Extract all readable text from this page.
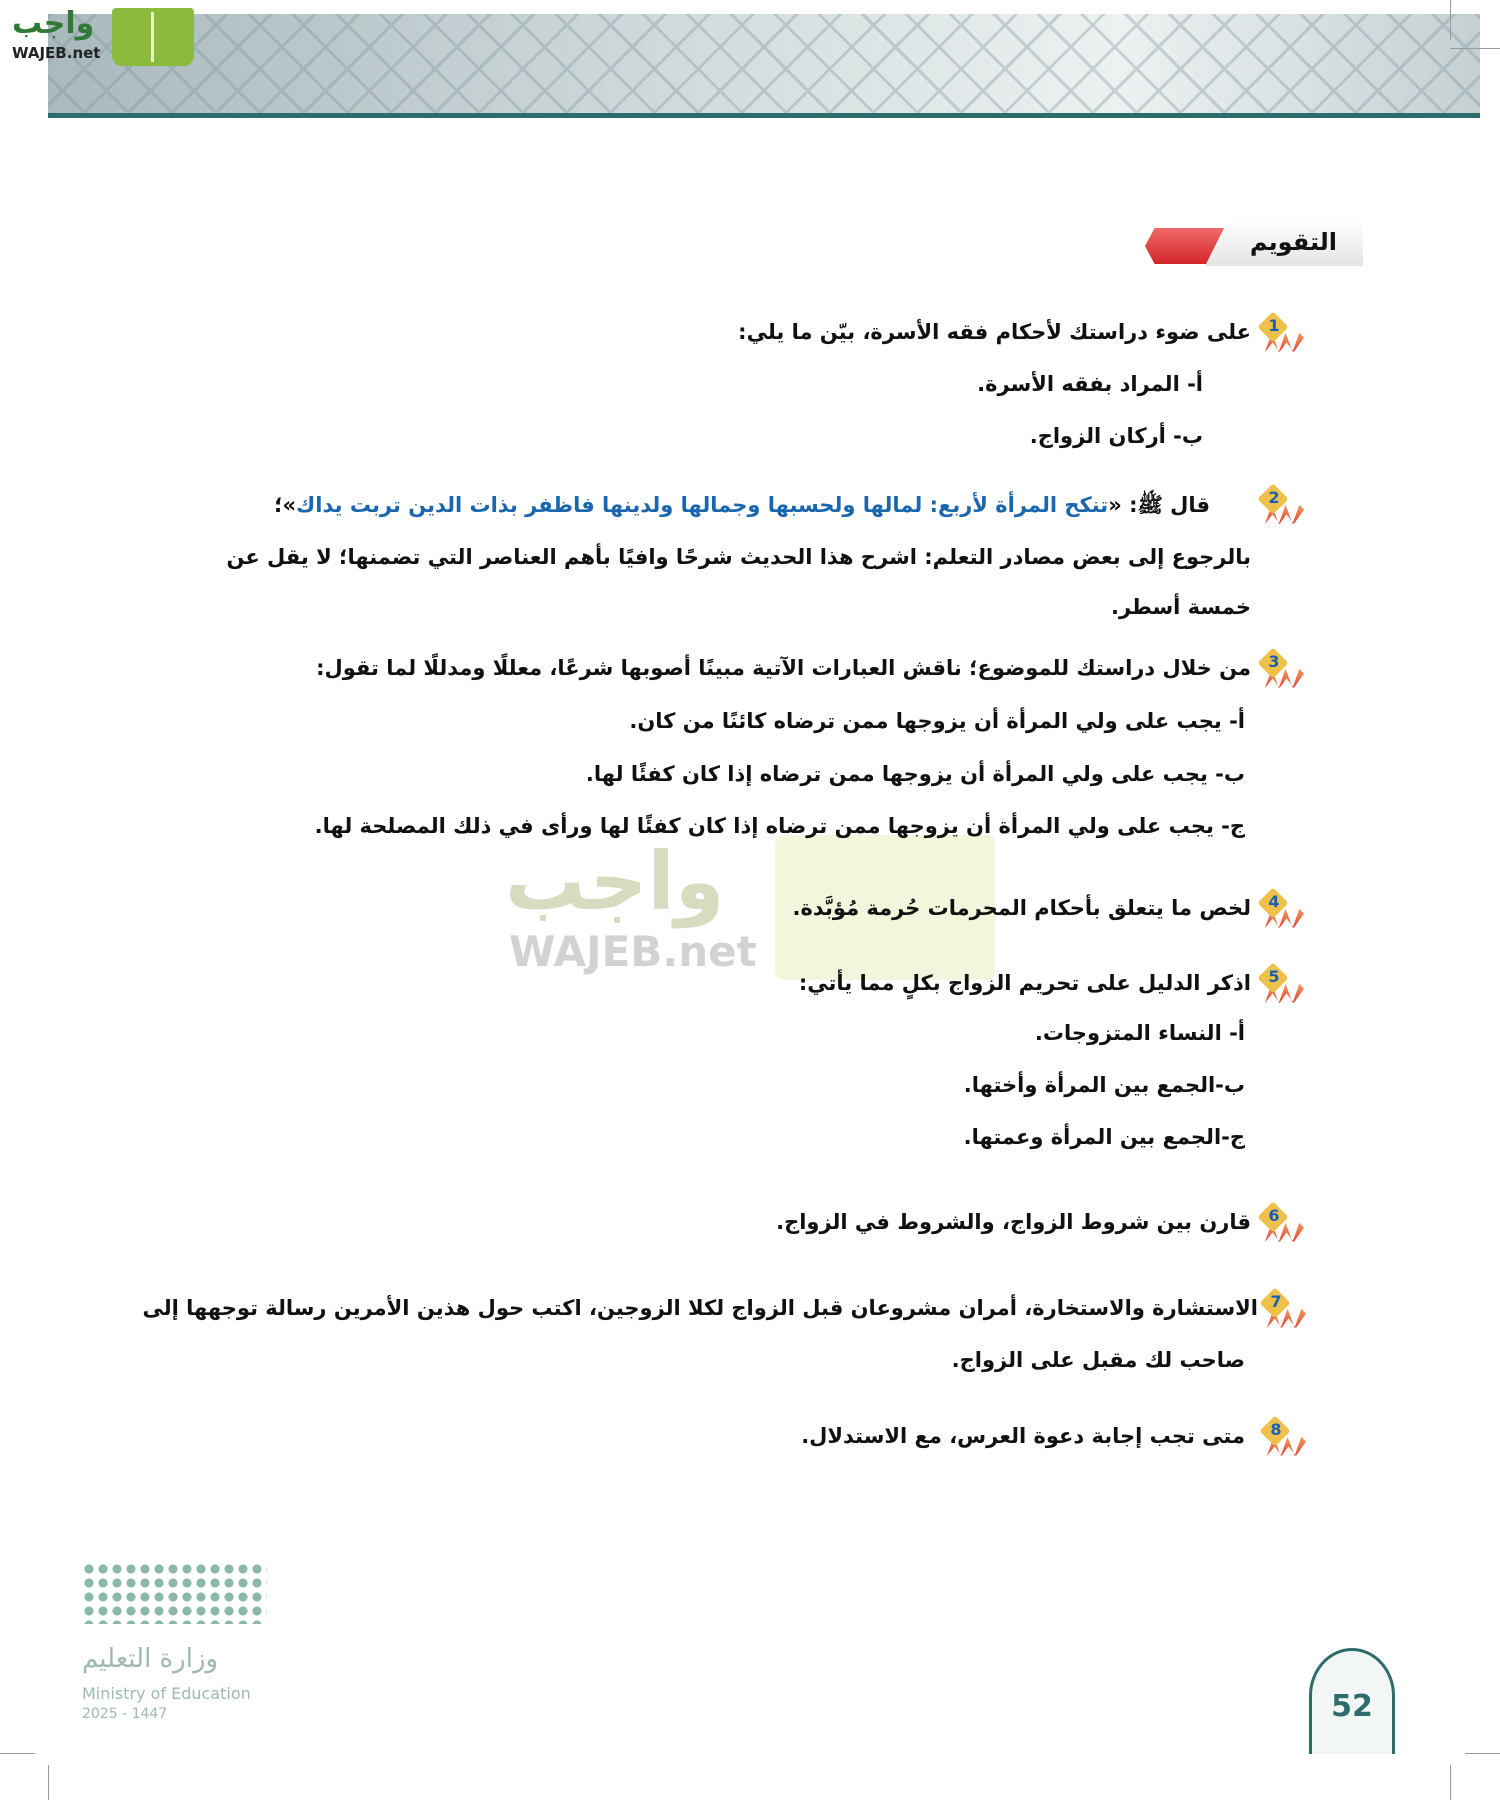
واجب
WAJEB.net
التقويم
واجب
WAJEB.net
1
على ضوء دراستك لأحكام فقه الأسرة، بيّن ما يلي:
أ- المراد بفقه الأسرة.
ب- أركان الزواج.
2
قال ﷺ: «تنكح المرأة لأربع: لمالها ولحسبها وجمالها ولدينها فاظفر بذات الدين تربت يداك»؛
بالرجوع إلى بعض مصادر التعلم: اشرح هذا الحديث شرحًا وافيًا بأهم العناصر التي تضمنها؛ لا يقل عن
خمسة أسطر.
3
من خلال دراستك للموضوع؛ ناقش العبارات الآتية مبينًا أصوبها شرعًا، معللًا ومدللًا لما تقول:
أ- يجب على ولي المرأة أن يزوجها ممن ترضاه كائنًا من كان.
ب- يجب على ولي المرأة أن يزوجها ممن ترضاه إذا كان كفئًا لها.
ج- يجب على ولي المرأة أن يزوجها ممن ترضاه إذا كان كفئًا لها ورأى في ذلك المصلحة لها.
4
لخص ما يتعلق بأحكام المحرمات حُرمة مُؤبَّدة.
5
اذكر الدليل على تحريم الزواج بكلٍ مما يأتي:
أ- النساء المتزوجات.
ب-الجمع بين المرأة وأختها.
ج-الجمع بين المرأة وعمتها.
6
قارن بين شروط الزواج، والشروط في الزواج.
7
الاستشارة والاستخارة، أمران مشروعان قبل الزواج لكلا الزوجين، اكتب حول هذين الأمرين رسالة توجهها إلى
صاحب لك مقبل على الزواج.
8
متى تجب إجابة دعوة العرس، مع الاستدلال.
وزارة التعليم
Ministry of Education
2025 - 1447	52
